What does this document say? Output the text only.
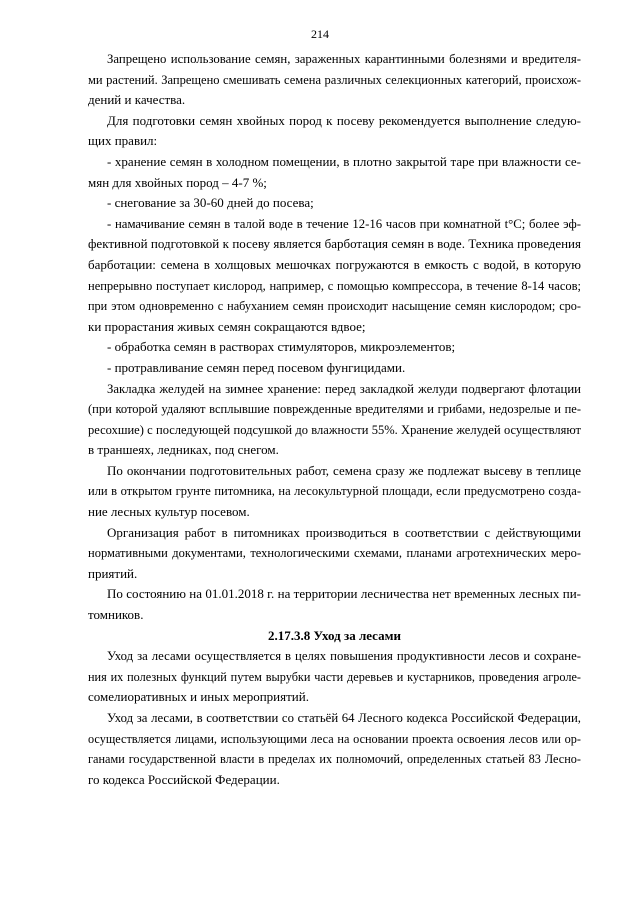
214
Запрещено использование семян, зараженных карантинными болезнями и вредителя-
ми растений. Запрещено смешивать семена различных селекционных категорий, происхож-
дений и качества.
Для подготовки семян хвойных пород к посеву рекомендуется выполнение следую-
щих правил:
- хранение семян в холодном помещении, в плотно закрытой таре при влажности се-
мян для хвойных пород – 4-7 %;
- снегование за 30-60 дней до посева;
- намачивание семян в талой воде в течение 12-16 часов при комнатной t°С; более эф-
фективной подготовкой к посеву является барботация семян в воде. Техника проведения
барботации: семена в холщовых мешочках погружаются в емкость с водой, в которую
непрерывно поступает кислород, например, с помощью компрессора, в течение 8-14 часов;
при этом одновременно с набуханием семян происходит насыщение семян кислородом; сро-
ки прорастания живых семян сокращаются вдвое;
- обработка семян в растворах стимуляторов, микроэлементов;
- протравливание семян перед посевом фунгицидами.
Закладка желудей на зимнее хранение: перед закладкой желуди подвергают флотации
(при которой удаляют всплывшие поврежденные вредителями и грибами, недозрелые и пе-
ресохшие) с последующей подсушкой до влажности 55%. Хранение желудей осуществляют
в траншеях, ледниках, под снегом.
По окончании подготовительных работ, семена сразу же подлежат высеву в теплице
или в открытом грунте питомника, на лесокультурной площади, если предусмотрено созда-
ние лесных культур посевом.
Организация работ в питомниках производиться в соответствии с действующими
нормативными документами, технологическими схемами, планами агротехнических меро-
приятий.
По состоянию на 01.01.2018 г. на территории лесничества нет временных лесных пи-
томников.
2.17.3.8 Уход за лесами
Уход за лесами осуществляется в целях повышения продуктивности лесов и сохране-
ния их полезных функций путем вырубки части деревьев и кустарников, проведения агроле-
сомелиоративных и иных мероприятий.
Уход за лесами, в соответствии со статьёй 64 Лесного кодекса Российской Федерации,
осуществляется лицами, использующими леса на основании проекта освоения лесов или ор-
ганами государственной власти в пределах их полномочий, определенных статьей 83 Лесно-
го кодекса Российской Федерации.
